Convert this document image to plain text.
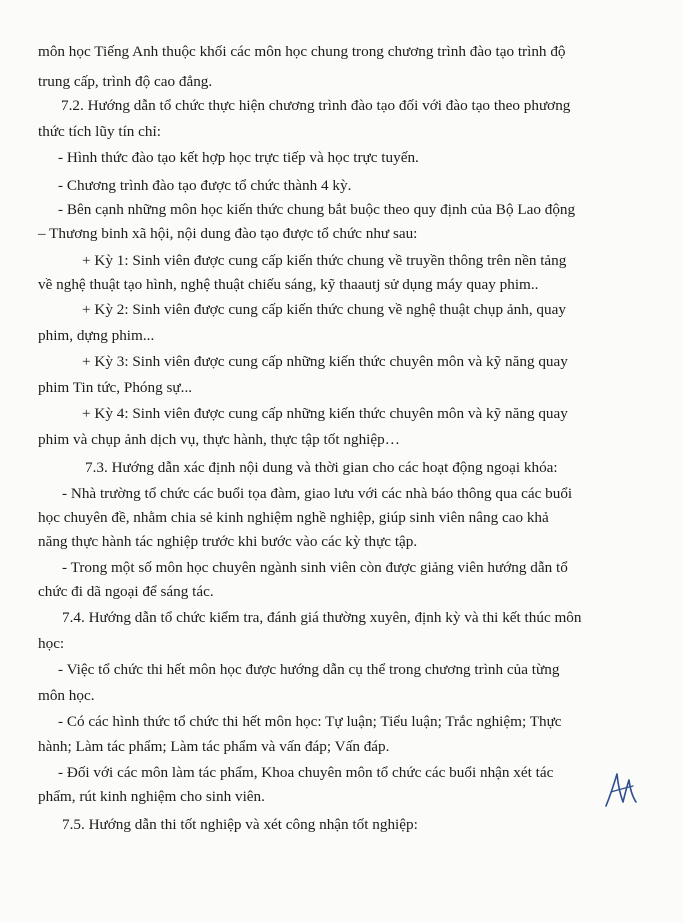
môn học Tiếng Anh thuộc khối các môn học chung trong chương trình đào tạo trình độ
trung cấp, trình độ cao đẳng.
7.2. Hướng dẫn tổ chức thực hiện chương trình đào tạo đối với đào tạo theo phương
thức tích lũy tín chỉ:
- Hình thức đào tạo kết hợp học trực tiếp và học trực tuyến.
- Chương trình đào tạo được tổ chức thành 4 kỳ.
- Bên cạnh những môn học kiến thức chung bắt buộc theo quy định của Bộ Lao động
– Thương binh xã hội, nội dung đào tạo được tổ chức như sau:
+ Kỳ 1: Sinh viên được cung cấp kiến thức chung về truyền thông trên nền tảng
về nghệ thuật tạo hình, nghệ thuật chiếu sáng, kỹ thaautj sử dụng máy quay phim..
+ Kỳ 2: Sinh viên được cung cấp kiến thức chung về nghệ thuật chụp ảnh, quay
phim, dựng phim...
+ Kỳ 3: Sinh viên được cung cấp những kiến thức chuyên môn và kỹ năng quay
phim Tin tức, Phóng sự...
+ Kỳ 4: Sinh viên được cung cấp những kiến thức chuyên môn và kỹ năng quay
phim và chụp ảnh dịch vụ, thực hành, thực tập tốt nghiệp…
7.3. Hướng dẫn xác định nội dung và thời gian cho các hoạt động ngoại khóa:
- Nhà trường tổ chức các buổi tọa đàm, giao lưu với các nhà báo thông qua các buổi
học chuyên đề, nhằm chia sẻ kinh nghiệm nghề nghiệp, giúp sinh viên nâng cao khả
năng thực hành tác nghiệp trước khi bước vào các kỳ thực tập.
- Trong một số môn học chuyên ngành sinh viên còn được giảng viên hướng dẫn tổ
chức đi dã ngoại để sáng tác.
7.4. Hướng dẫn tổ chức kiểm tra, đánh giá thường xuyên, định kỳ và thi kết thúc môn
học:
- Việc tổ chức thi hết môn học được hướng dẫn cụ thể trong chương trình của từng
môn học.
- Có các hình thức tổ chức thi hết môn học: Tự luận; Tiểu luận; Trắc nghiệm; Thực
hành; Làm tác phẩm; Làm tác phẩm và vấn đáp; Vấn đáp.
- Đối với các môn làm tác phẩm, Khoa chuyên môn tổ chức các buổi nhận xét tác
phẩm, rút kinh nghiệm cho sinh viên.
7.5. Hướng dẫn thi tốt nghiệp và xét công nhận tốt nghiệp:
